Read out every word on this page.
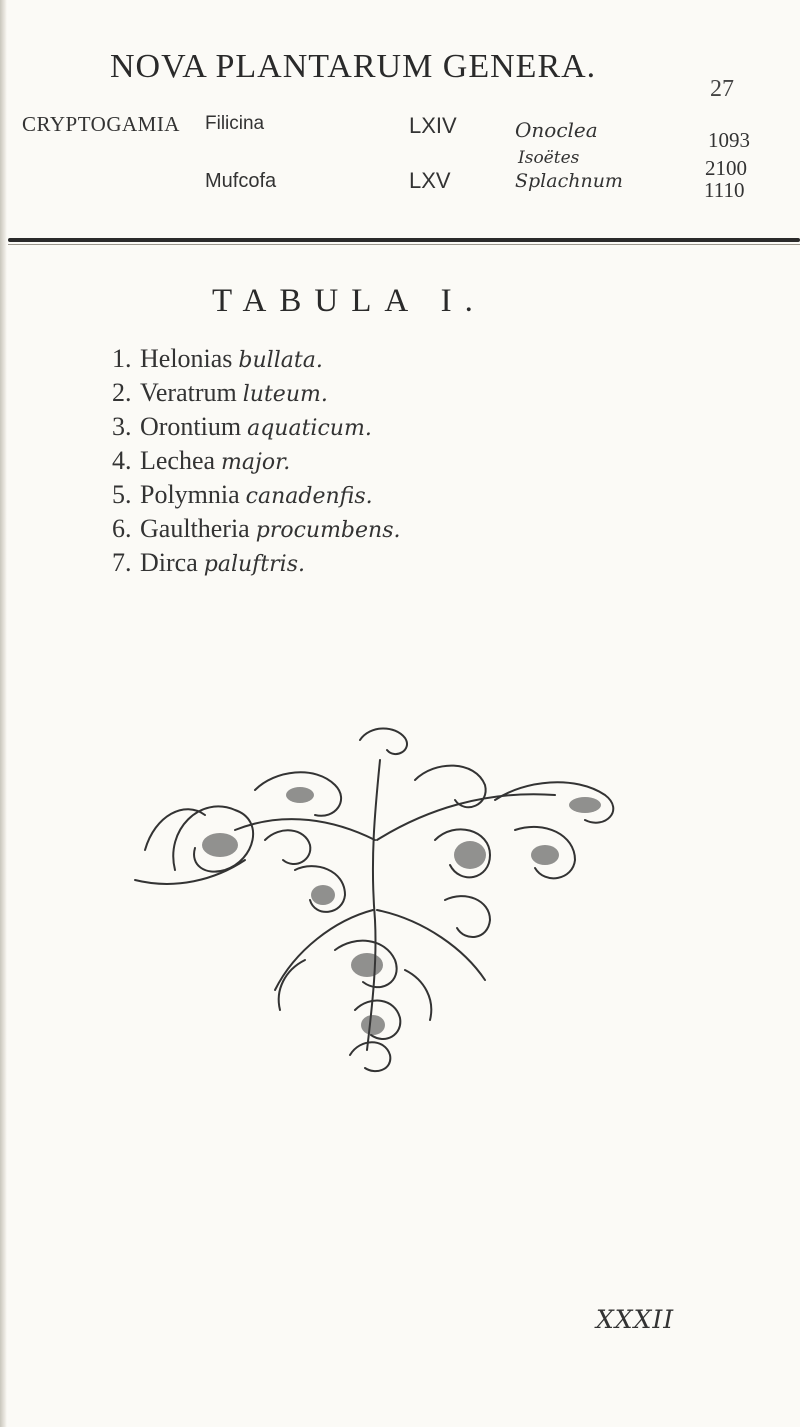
NOVA PLANTARUM GENERA.
27
CRYPTOGAMIA Filicina	LXIV	Onoclea	1093
Isoëtes	2100
Mufcofa	LXV	Splachnum	1110
TABULA I.
1. Helonias bullata.
2. Veratrum luteum.
3. Orontium aquaticum.
4. Lechea major.
5. Polymnia canadenfis.
6. Gaultheria procumbens.
7. Dirca paluftris.
XXXII
